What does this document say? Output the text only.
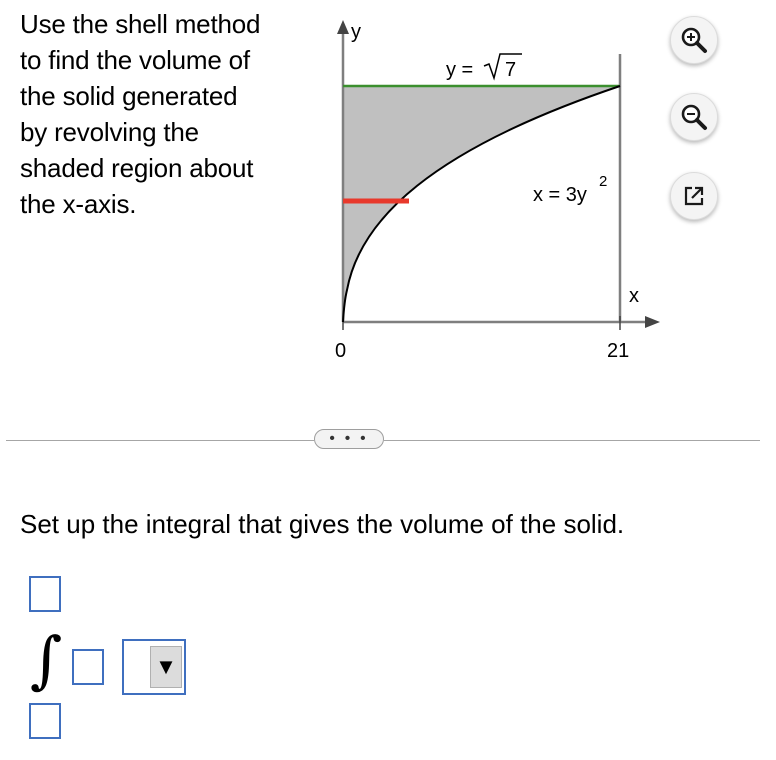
Use the shell method
to find the volume of
the solid generated
by revolving the
shaded region about
the x-axis.
y
x
0	21
y = 7
x = 3y
2
• • •
Set up the integral that gives the volume of the solid.
∫	▼
